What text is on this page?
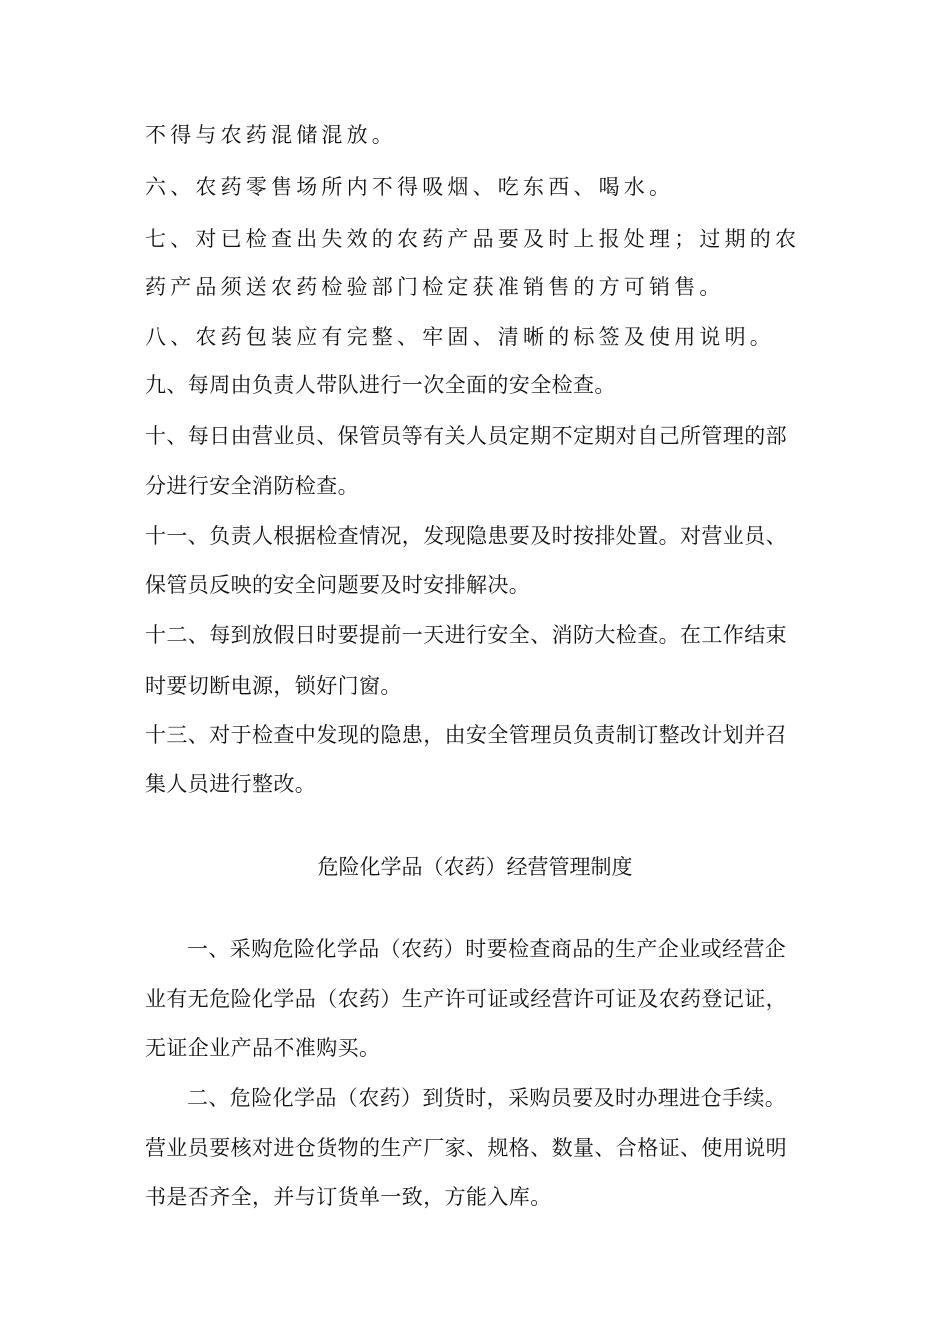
不得与农药混储混放。
六、农药零售场所内不得吸烟、吃东西、喝水。
七、对已检查出失效的农药产品要及时上报处理；过期的农
药产品须送农药检验部门检定获准销售的方可销售。
八、农药包装应有完整、牢固、清晰的标签及使用说明。
九、每周由负责人带队进行一次全面的安全检查。
十、每日由营业员、保管员等有关人员定期不定期对自己所管理的部
分进行安全消防检查。
十一、负责人根据检查情况，发现隐患要及时按排处置。对营业员、
保管员反映的安全问题要及时安排解决。
十二、每到放假日时要提前一天进行安全、消防大检查。在工作结束
时要切断电源，锁好门窗。
十三、对于检查中发现的隐患，由安全管理员负责制订整改计划并召
集人员进行整改。
危险化学品（农药）经营管理制度
一、采购危险化学品（农药）时要检查商品的生产企业或经营企
业有无危险化学品（农药）生产许可证或经营许可证及农药登记证，
无证企业产品不准购买。
二、危险化学品（农药）到货时，采购员要及时办理进仓手续。
营业员要核对进仓货物的生产厂家、规格、数量、合格证、使用说明
书是否齐全，并与订货单一致，方能入库。
